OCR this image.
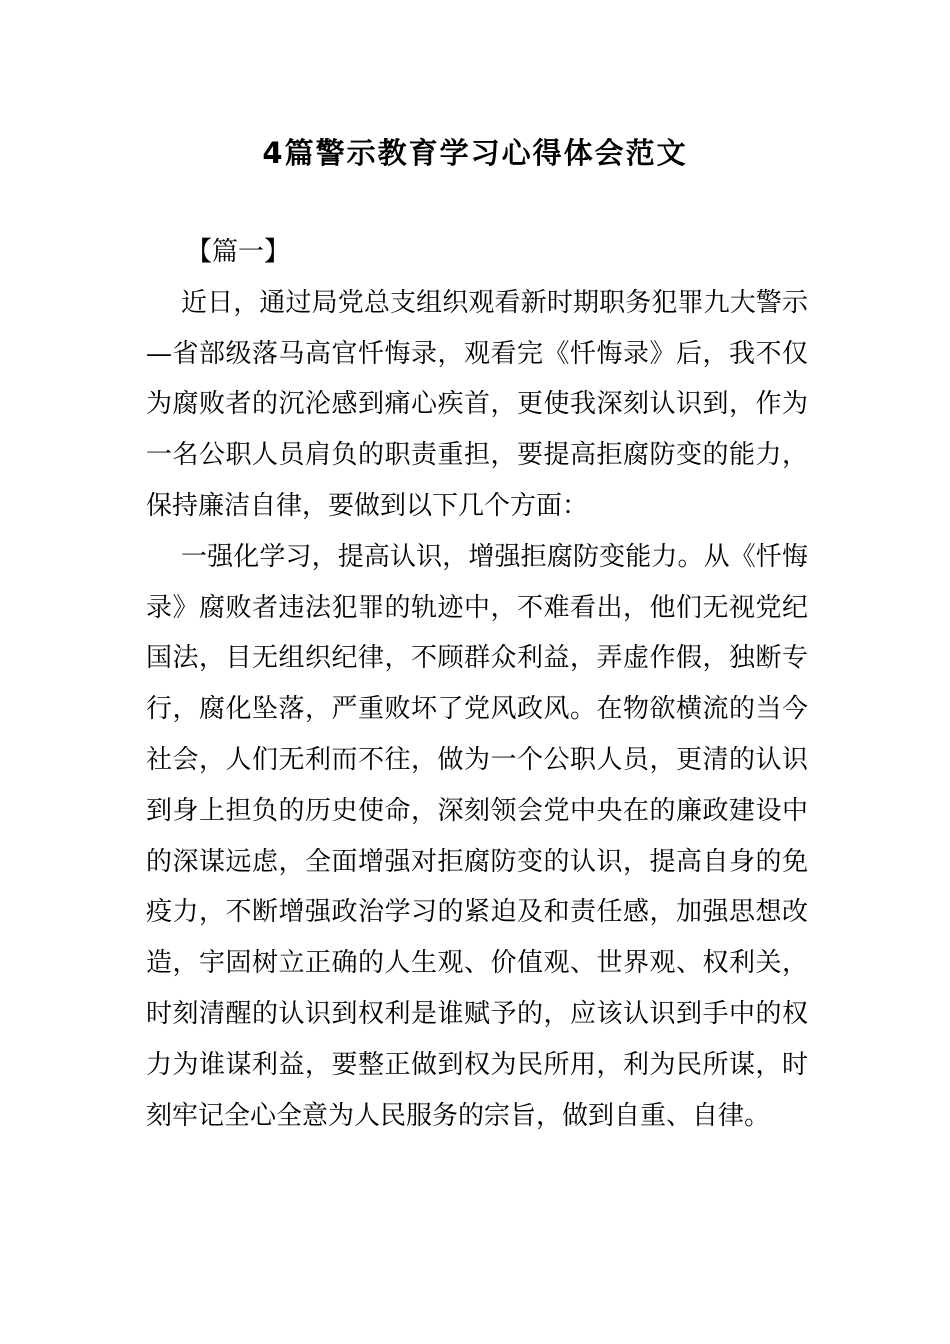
4篇警示教育学习心得体会范文

【篇一】

近日，通过局党总支组织观看新时期职务犯罪九大警示—省部级落马高官忏悔录，观看完《忏悔录》后，我不仅为腐败者的沉沦感到痛心疾首，更使我深刻认识到，作为一名公职人员肩负的职责重担，要提高拒腐防变的能力，保持廉洁自律，要做到以下几个方面：

一强化学习，提高认识，增强拒腐防变能力。从《忏悔录》腐败者违法犯罪的轨迹中，不难看出，他们无视党纪国法，目无组织纪律，不顾群众利益，弄虚作假，独断专行，腐化坠落，严重败坏了党风政风。在物欲横流的当今社会，人们无利而不往，做为一个公职人员，更清的认识到身上担负的历史使命，深刻领会党中央在的廉政建设中的深谋远虑，全面增强对拒腐防变的认识，提高自身的免疫力，不断增强政治学习的紧迫及和责任感，加强思想改造，宇固树立正确的人生观、价值观、世界观、权利关，时刻清醒的认识到权利是谁赋予的，应该认识到手中的权力为谁谋利益，要整正做到权为民所用，利为民所谋，时刻牢记全心全意为人民服务的宗旨，做到自重、自律。
